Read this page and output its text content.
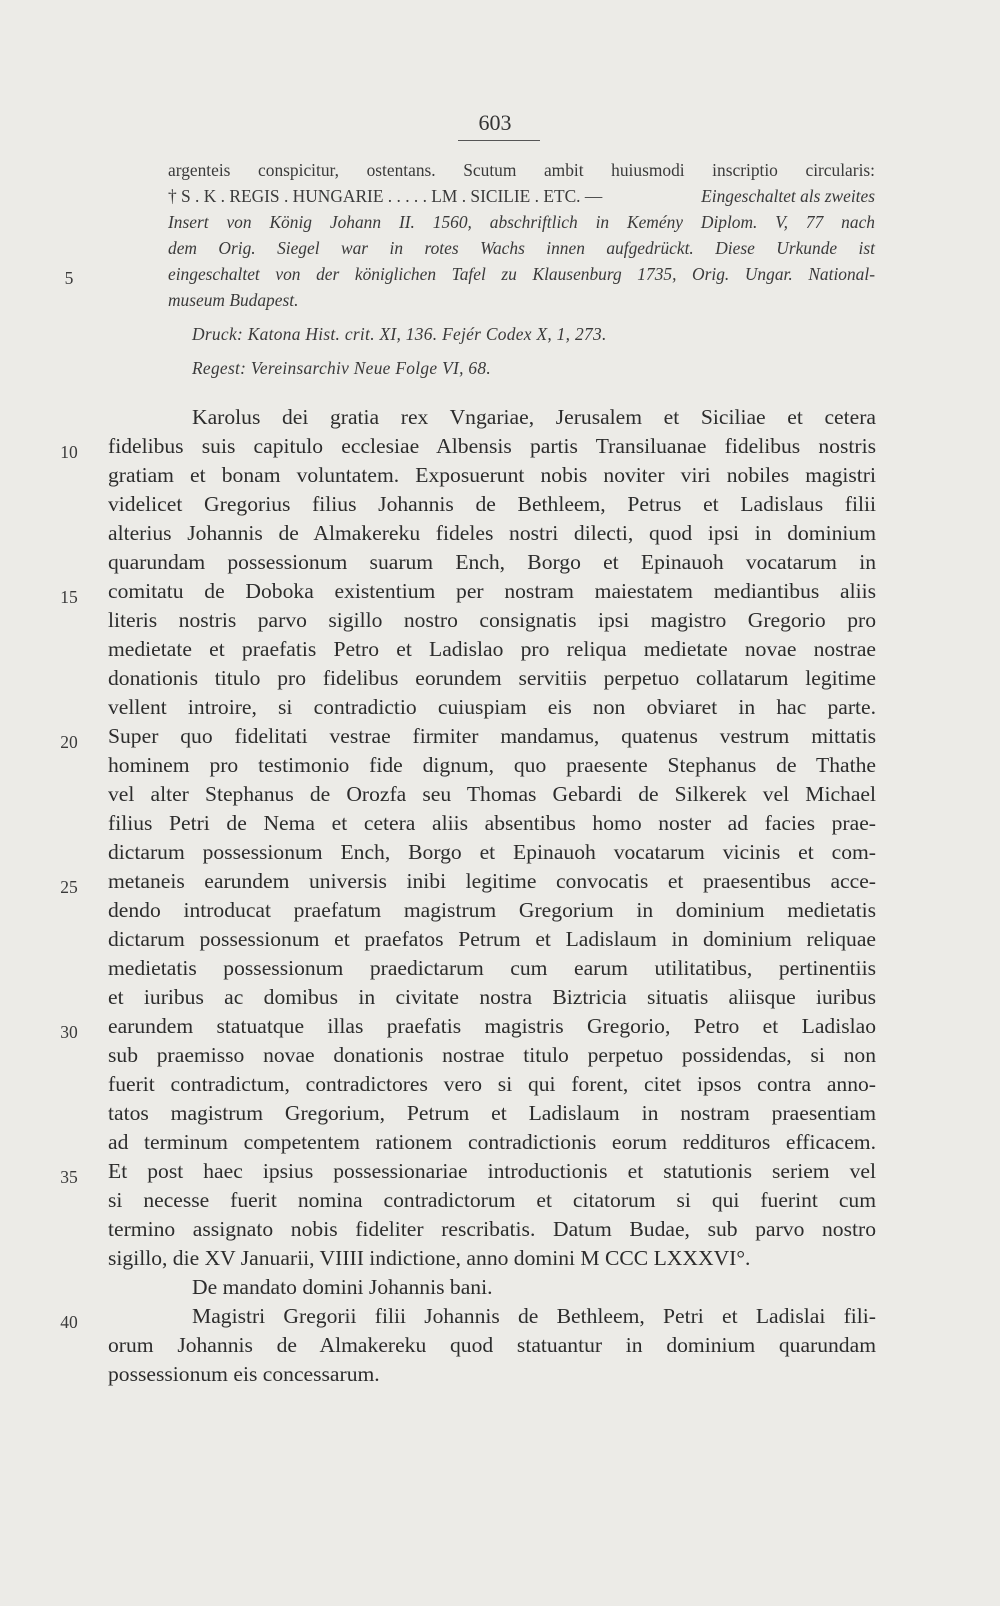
603
argenteis conspicitur, ostentans. Scutum ambit huiusmodi inscriptio circularis:
† S . K . REGIS . HUNGARIE . . . . . LM . SICILIE . ETC. —	Eingeschaltet als zweites
Insert von König Johann II. 1560, abschriftlich in Kemény Diplom. V, 77 nach
dem Orig. Siegel war in rotes Wachs innen aufgedrückt. Diese Urkunde ist
eingeschaltet von der königlichen Tafel zu Klausenburg 1735, Orig. Ungar. National-
museum Budapest.
Druck: Katona Hist. crit. XI, 136. Fejér Codex X, 1, 273.
Regest: Vereinsarchiv Neue Folge VI, 68.
Karolus dei gratia rex Vngariae, Jerusalem et Siciliae et cetera
fidelibus suis capitulo ecclesiae Albensis partis Transiluanae fidelibus nostris
gratiam et bonam voluntatem. Exposuerunt nobis noviter viri nobiles magistri
videlicet Gregorius filius Johannis de Bethleem, Petrus et Ladislaus filii
alterius Johannis de Almakereku fideles nostri dilecti, quod ipsi in dominium
quarundam possessionum suarum Ench, Borgo et Epinauoh vocatarum in
comitatu de Doboka existentium per nostram maiestatem mediantibus aliis
literis nostris parvo sigillo nostro consignatis ipsi magistro Gregorio pro
medietate et praefatis Petro et Ladislao pro reliqua medietate novae nostrae
donationis titulo pro fidelibus eorundem servitiis perpetuo collatarum legitime
vellent introire, si contradictio cuiuspiam eis non obviaret in hac parte.
Super quo fidelitati vestrae firmiter mandamus, quatenus vestrum mittatis
hominem pro testimonio fide dignum, quo praesente Stephanus de Thathe
vel alter Stephanus de Orozfa seu Thomas Gebardi de Silkerek vel Michael
filius Petri de Nema et cetera aliis absentibus homo noster ad facies prae-
dictarum possessionum Ench, Borgo et Epinauoh vocatarum vicinis et com-
metaneis earundem universis inibi legitime convocatis et praesentibus acce-
dendo introducat praefatum magistrum Gregorium in dominium medietatis
dictarum possessionum et praefatos Petrum et Ladislaum in dominium reliquae
medietatis possessionum praedictarum cum earum utilitatibus, pertinentiis
et iuribus ac domibus in civitate nostra Biztricia situatis aliisque iuribus
earundem statuatque illas praefatis magistris Gregorio, Petro et Ladislao
sub praemisso novae donationis nostrae titulo perpetuo possidendas, si non
fuerit contradictum, contradictores vero si qui forent, citet ipsos contra anno-
tatos magistrum Gregorium, Petrum et Ladislaum in nostram praesentiam
ad terminum competentem rationem contradictionis eorum reddituros efficacem.
Et post haec ipsius possessionariae introductionis et statutionis seriem vel
si necesse fuerit nomina contradictorum et citatorum si qui fuerint cum
termino assignato nobis fideliter rescribatis. Datum Budae, sub parvo nostro
sigillo, die XV Januarii, VIIII indictione, anno domini M CCC LXXXVI°.
De mandato domini Johannis bani.
Magistri Gregorii filii Johannis de Bethleem, Petri et Ladislai fili-
orum Johannis de Almakereku quod statuantur in dominium quarundam
possessionum eis concessarum.
5
10
15
20
25
30
35
40
